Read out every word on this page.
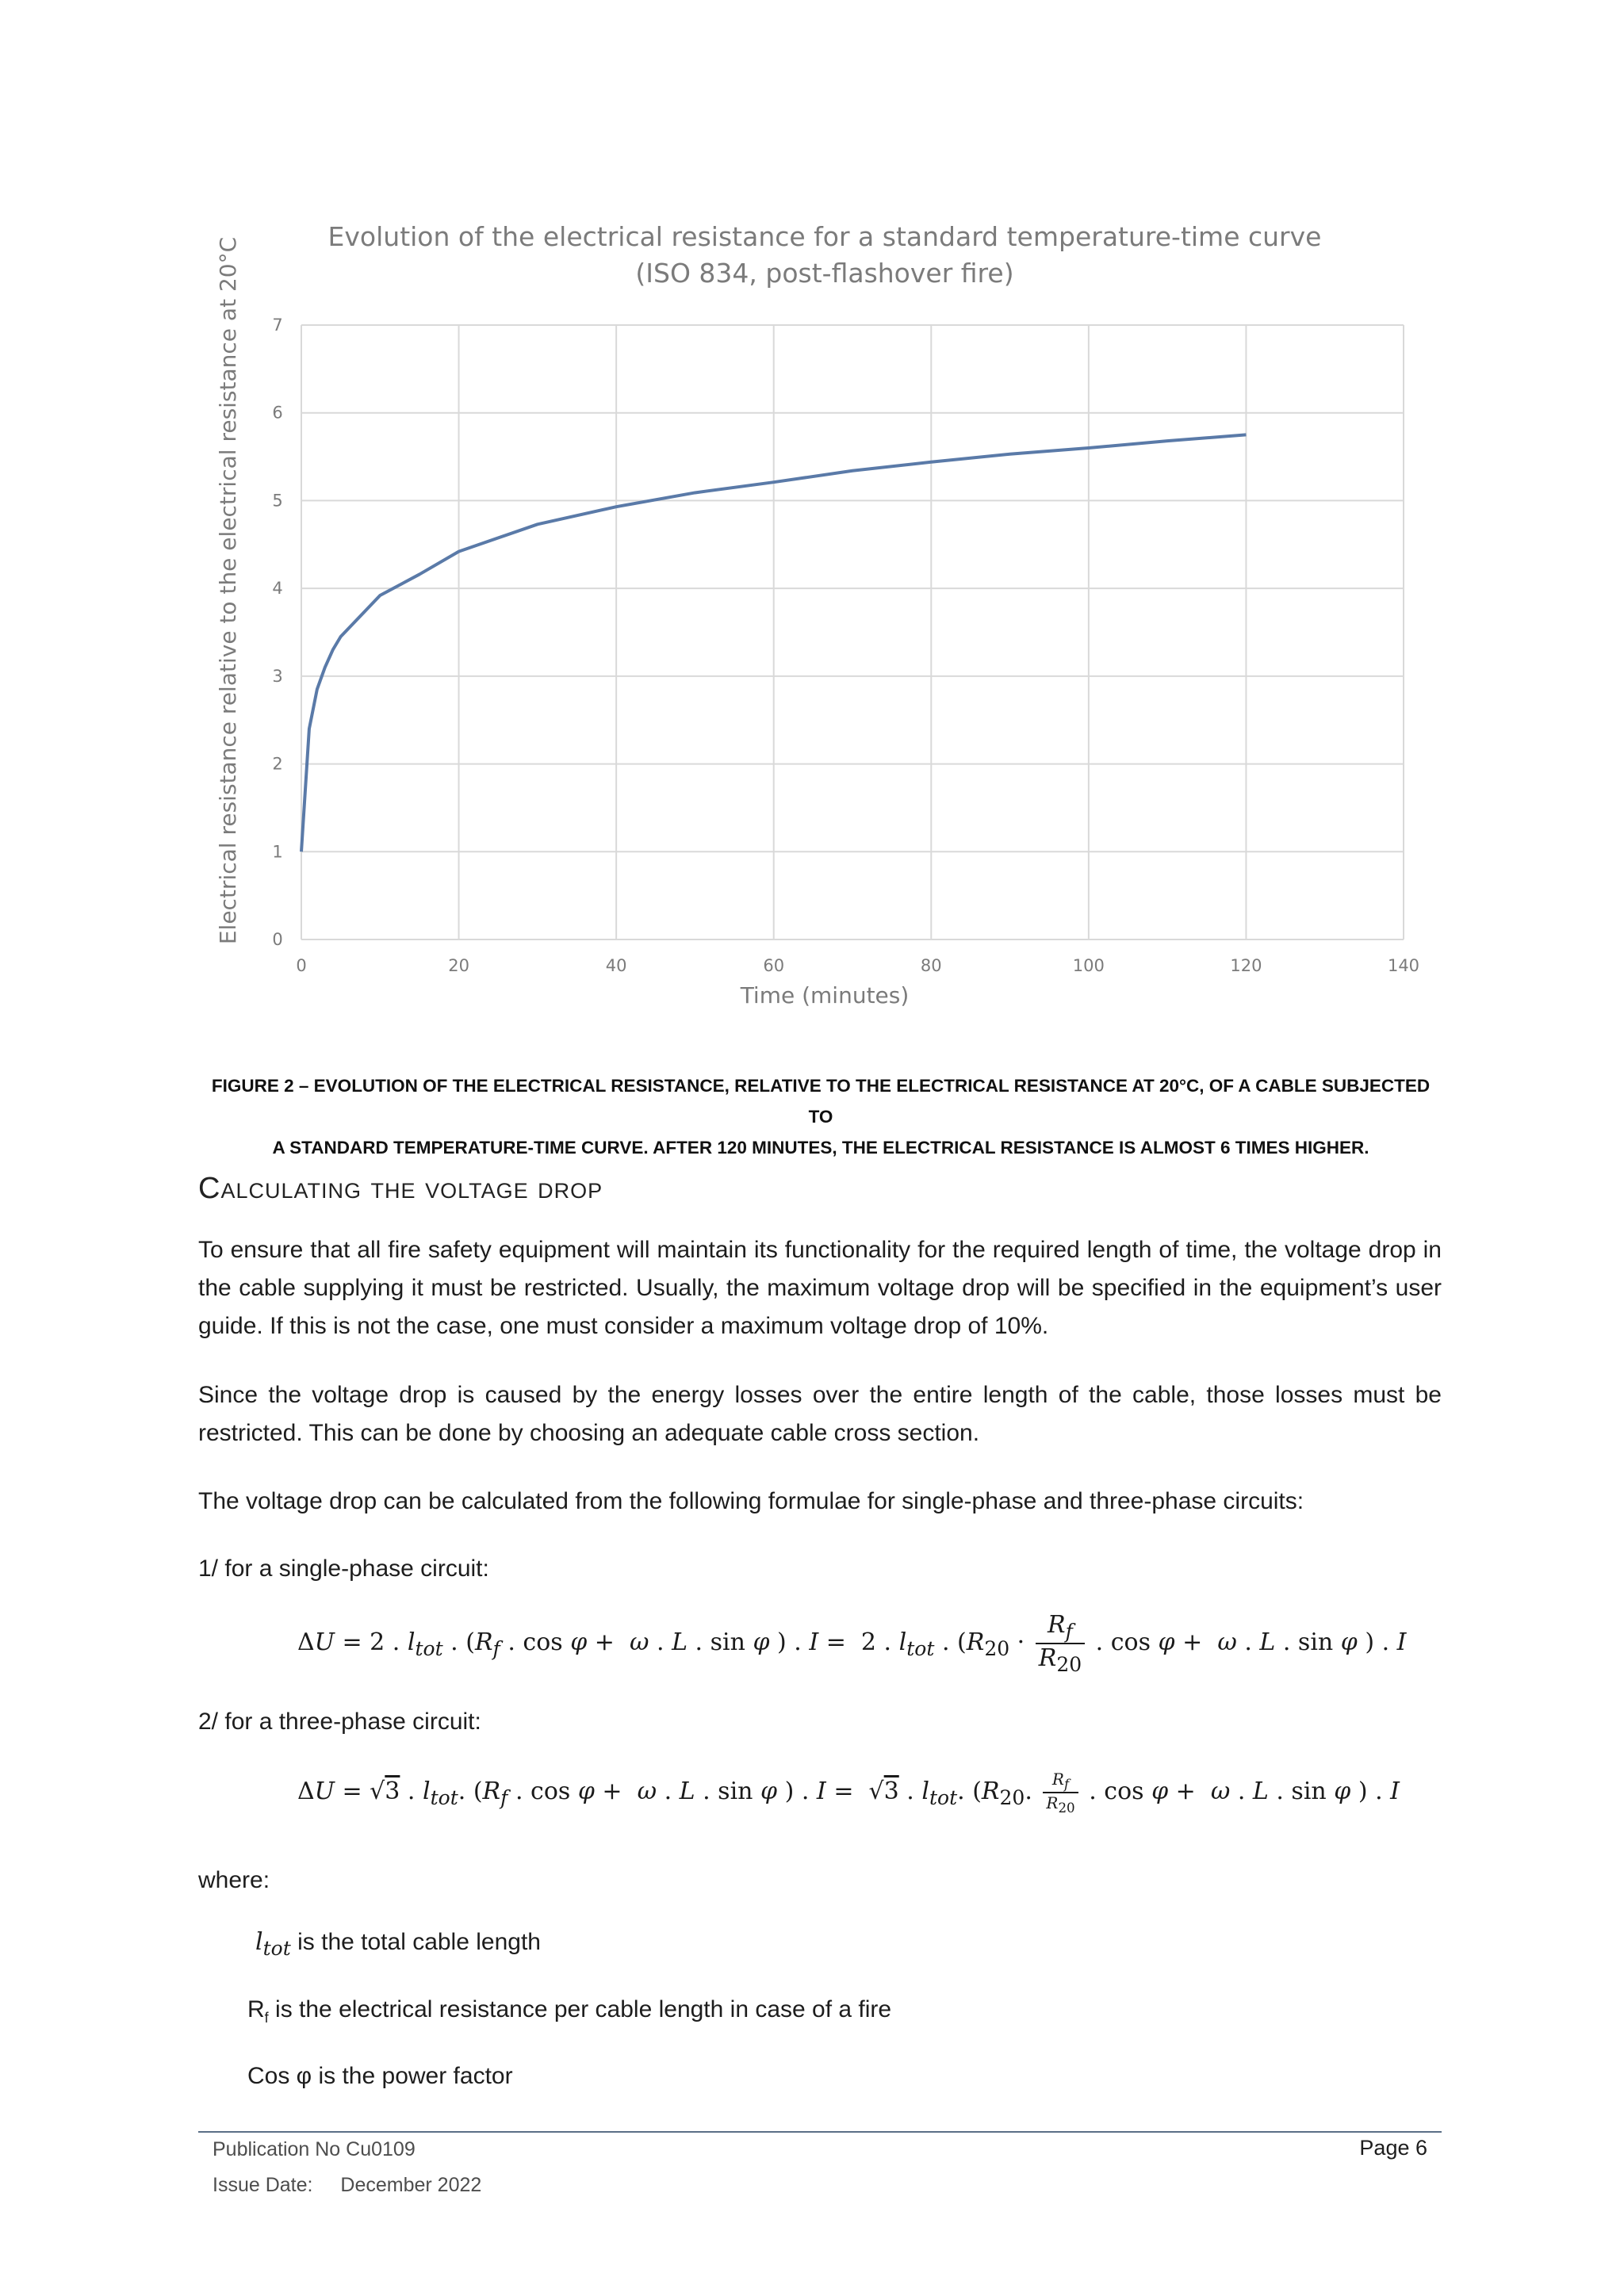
Evolution of the electrical resistance for a standard temperature-time curve
(ISO 834, post-flashover fire)
0
1
2
3
4
5
6
7
0	20	40	60	80	100	120	140
Time (minutes)
Electrical resistance relative to the electrical resistance at 20°C
FIGURE 2 – EVOLUTION OF THE ELECTRICAL RESISTANCE, RELATIVE TO THE ELECTRICAL RESISTANCE AT 20°C, OF A CABLE SUBJECTED TO
A STANDARD TEMPERATURE-TIME CURVE. AFTER 120 MINUTES, THE ELECTRICAL RESISTANCE IS ALMOST 6 TIMES HIGHER.
Calculating the voltage drop
To ensure that all fire safety equipment will maintain its functionality for the required length of time, the voltage drop in the cable supplying it must be restricted. Usually, the maximum voltage drop will be specified in the equipment’s user guide. If this is not the case, one must consider a maximum voltage drop of 10%.
Since the voltage drop is caused by the energy losses over the entire length of the cable, those losses must be restricted. This can be done by choosing an adequate cable cross section.
The voltage drop can be calculated from the following formulae for single-phase and three-phase circuits:
1/ for a single-phase circuit:
ΔU = 2 . $l_{tot}$ . ($R_f$ . cos φ +  ω . L . sin φ ) . I =  2 . $l_{tot}$ . ($R_{20} \cdot \frac{R_f}{R_{20}}$ . cos φ +  ω . L . sin φ ) . I
2/ for a three-phase circuit:
ΔU = √3 . $l_{tot}$. ($R_f$ . cos φ +  ω . L . sin φ ) . I =  √3 . $l_{tot}$. ($R_{20}$. $\frac{R_f}{R_{20}}$ . cos φ +  ω . L . sin φ ) . I
where:
$l_{tot}$ is the total cable length
$R_f$ is the electrical resistance per cable length in case of a fire
Cos φ is the power factor
Publication No Cu0109
Issue Date: December 2022
Page 6
